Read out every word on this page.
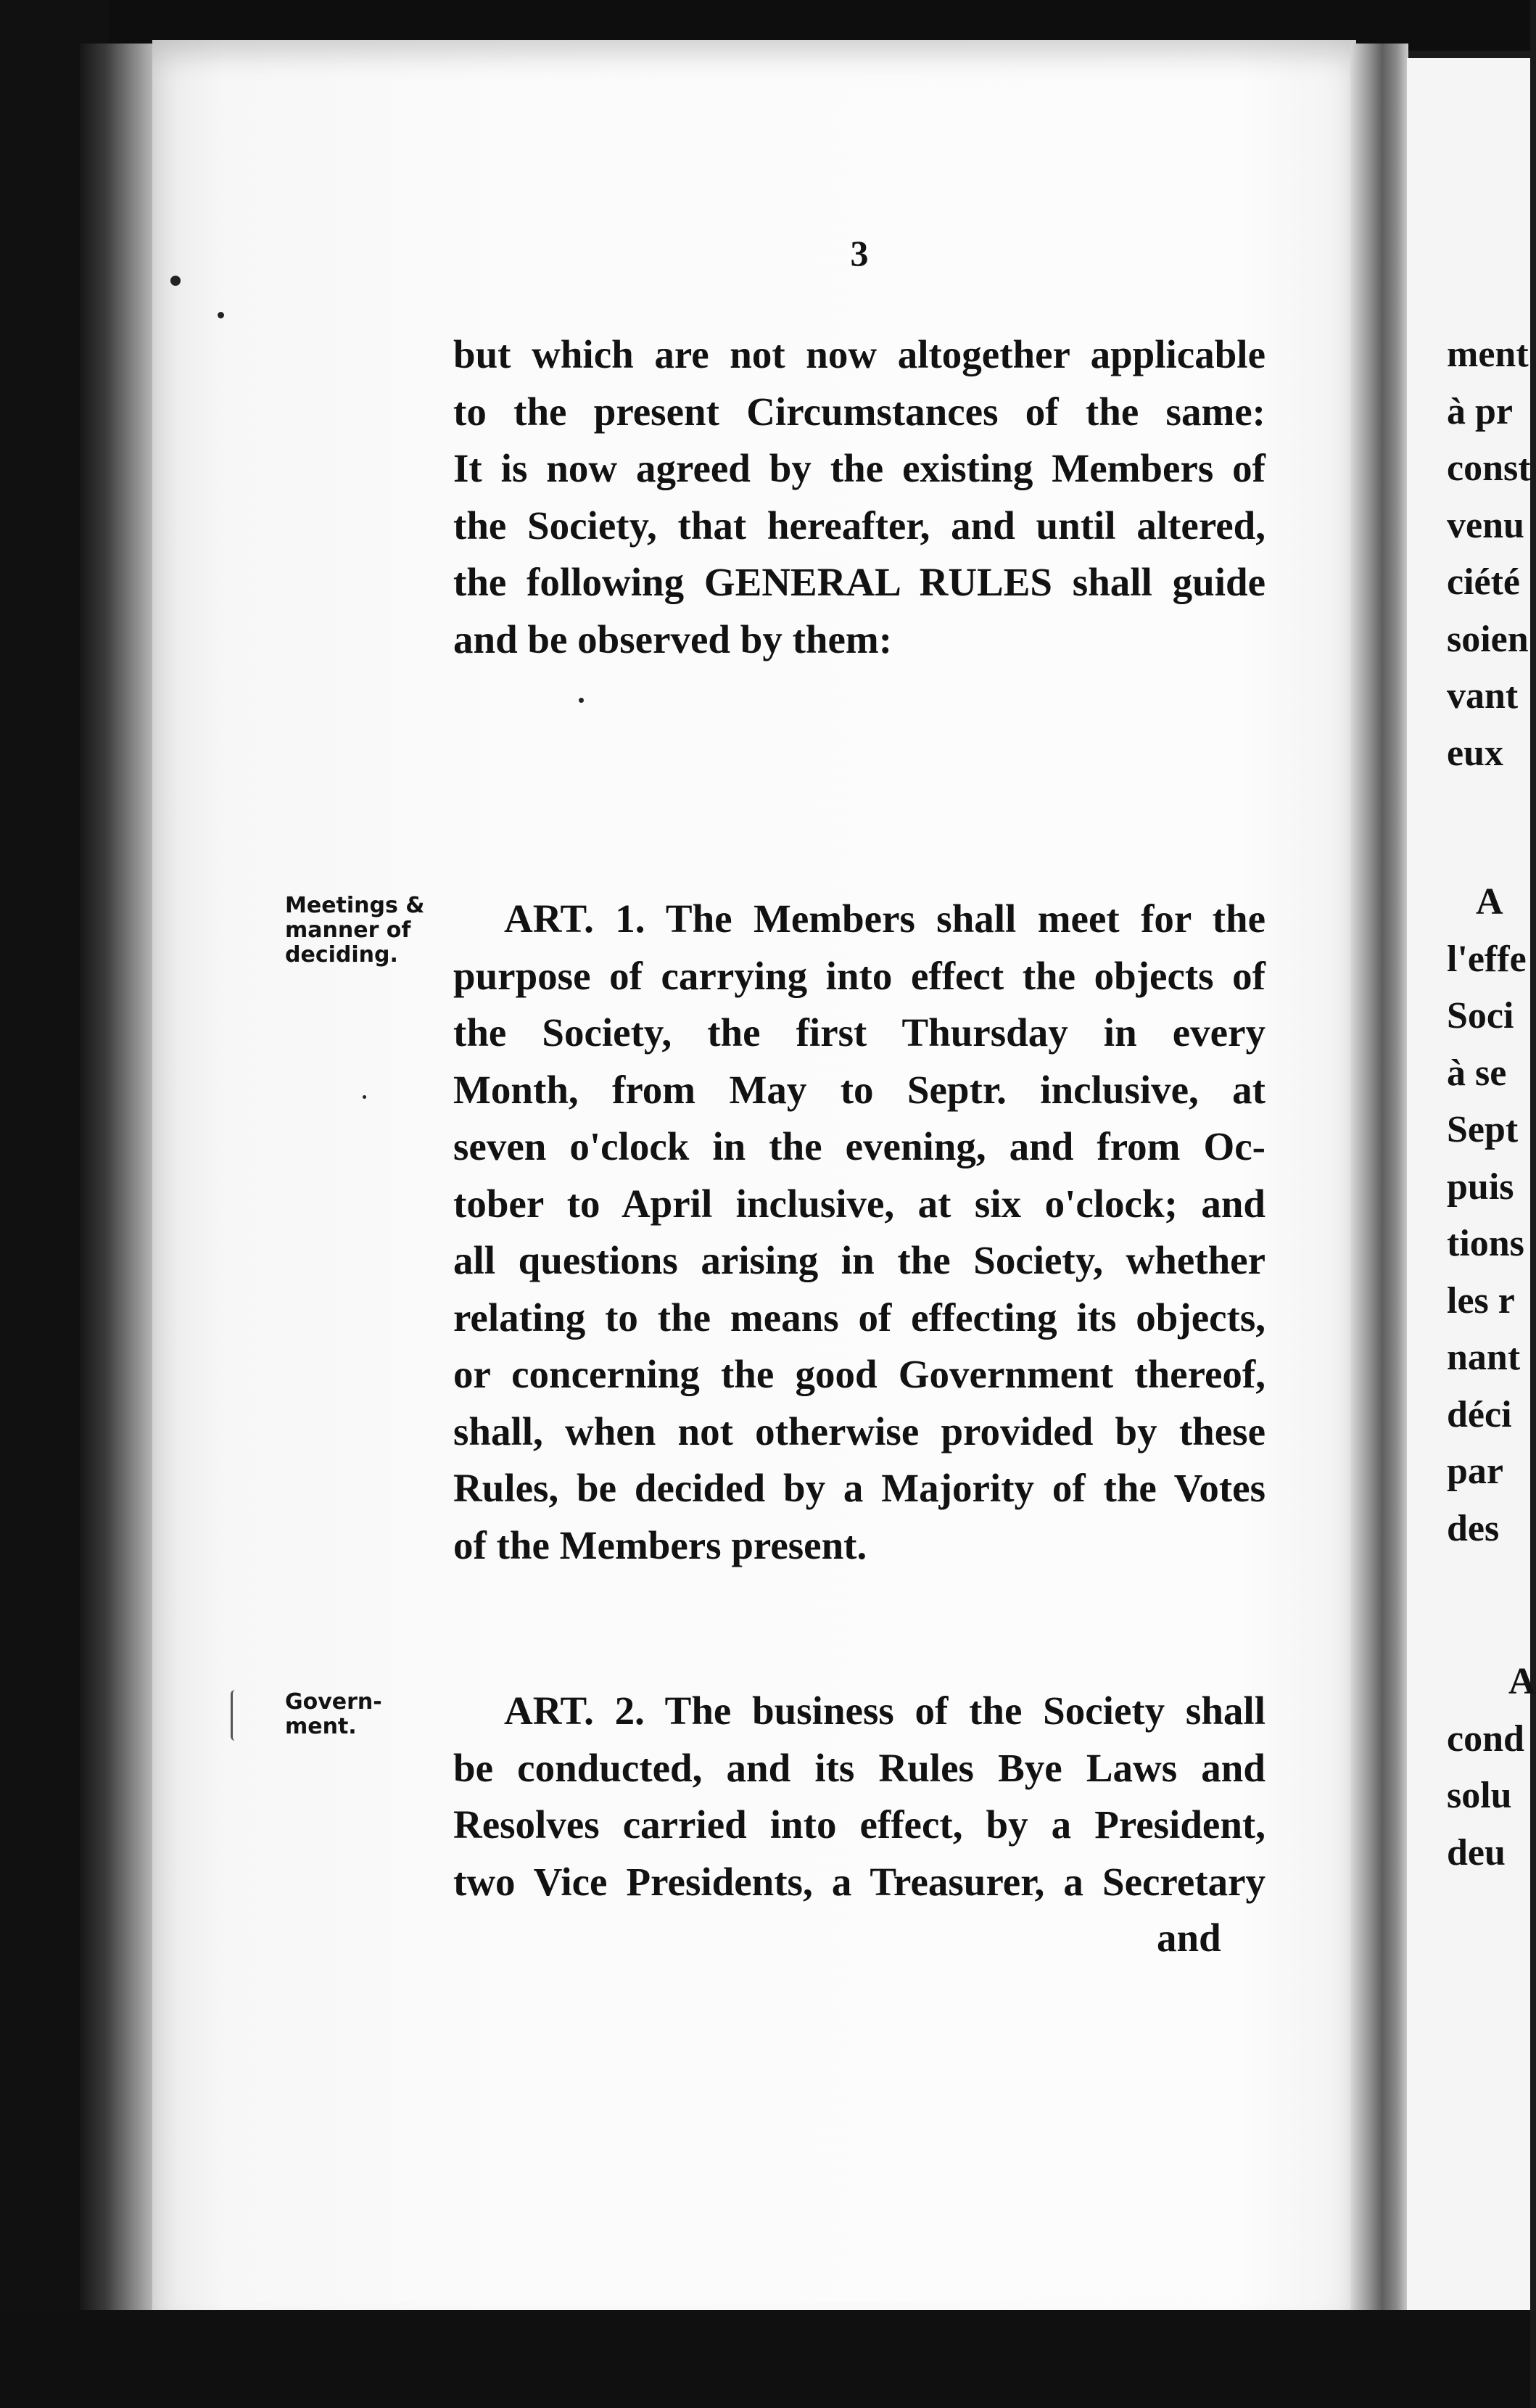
ment
à pr
const
venu
ciété
soien
vant
eux
A
l'effe
Soci
à se
Sept
puis
tions
les r
nant
déci
par
des
A
cond
solu
deu

3

but which are not now altogether applicable
to the present Circumstances of the same:
It is now agreed by the existing Members of
the Society, that hereafter, and until altered,
the following GENERAL RULES shall guide
and be observed by them:
Meetings &
manner of
deciding.
ART. 1. The Members shall meet for the
purpose of carrying into effect the objects of
the Society, the first Thursday in every
Month, from May to Septr. inclusive, at
seven o'clock in the evening, and from Oc-
tober to April inclusive, at six o'clock; and
all questions arising in the Society, whether
relating to the means of effecting its objects,
or concerning the good Government thereof,
shall, when not otherwise provided by these
Rules, be decided by a Majority of the Votes
of the Members present.
Govern-
ment.	ART. 2. The business of the Society shall
be conducted, and its Rules Bye Laws and
Resolves carried into effect, by a President,
two Vice Presidents, a Treasurer, a Secretary

and
